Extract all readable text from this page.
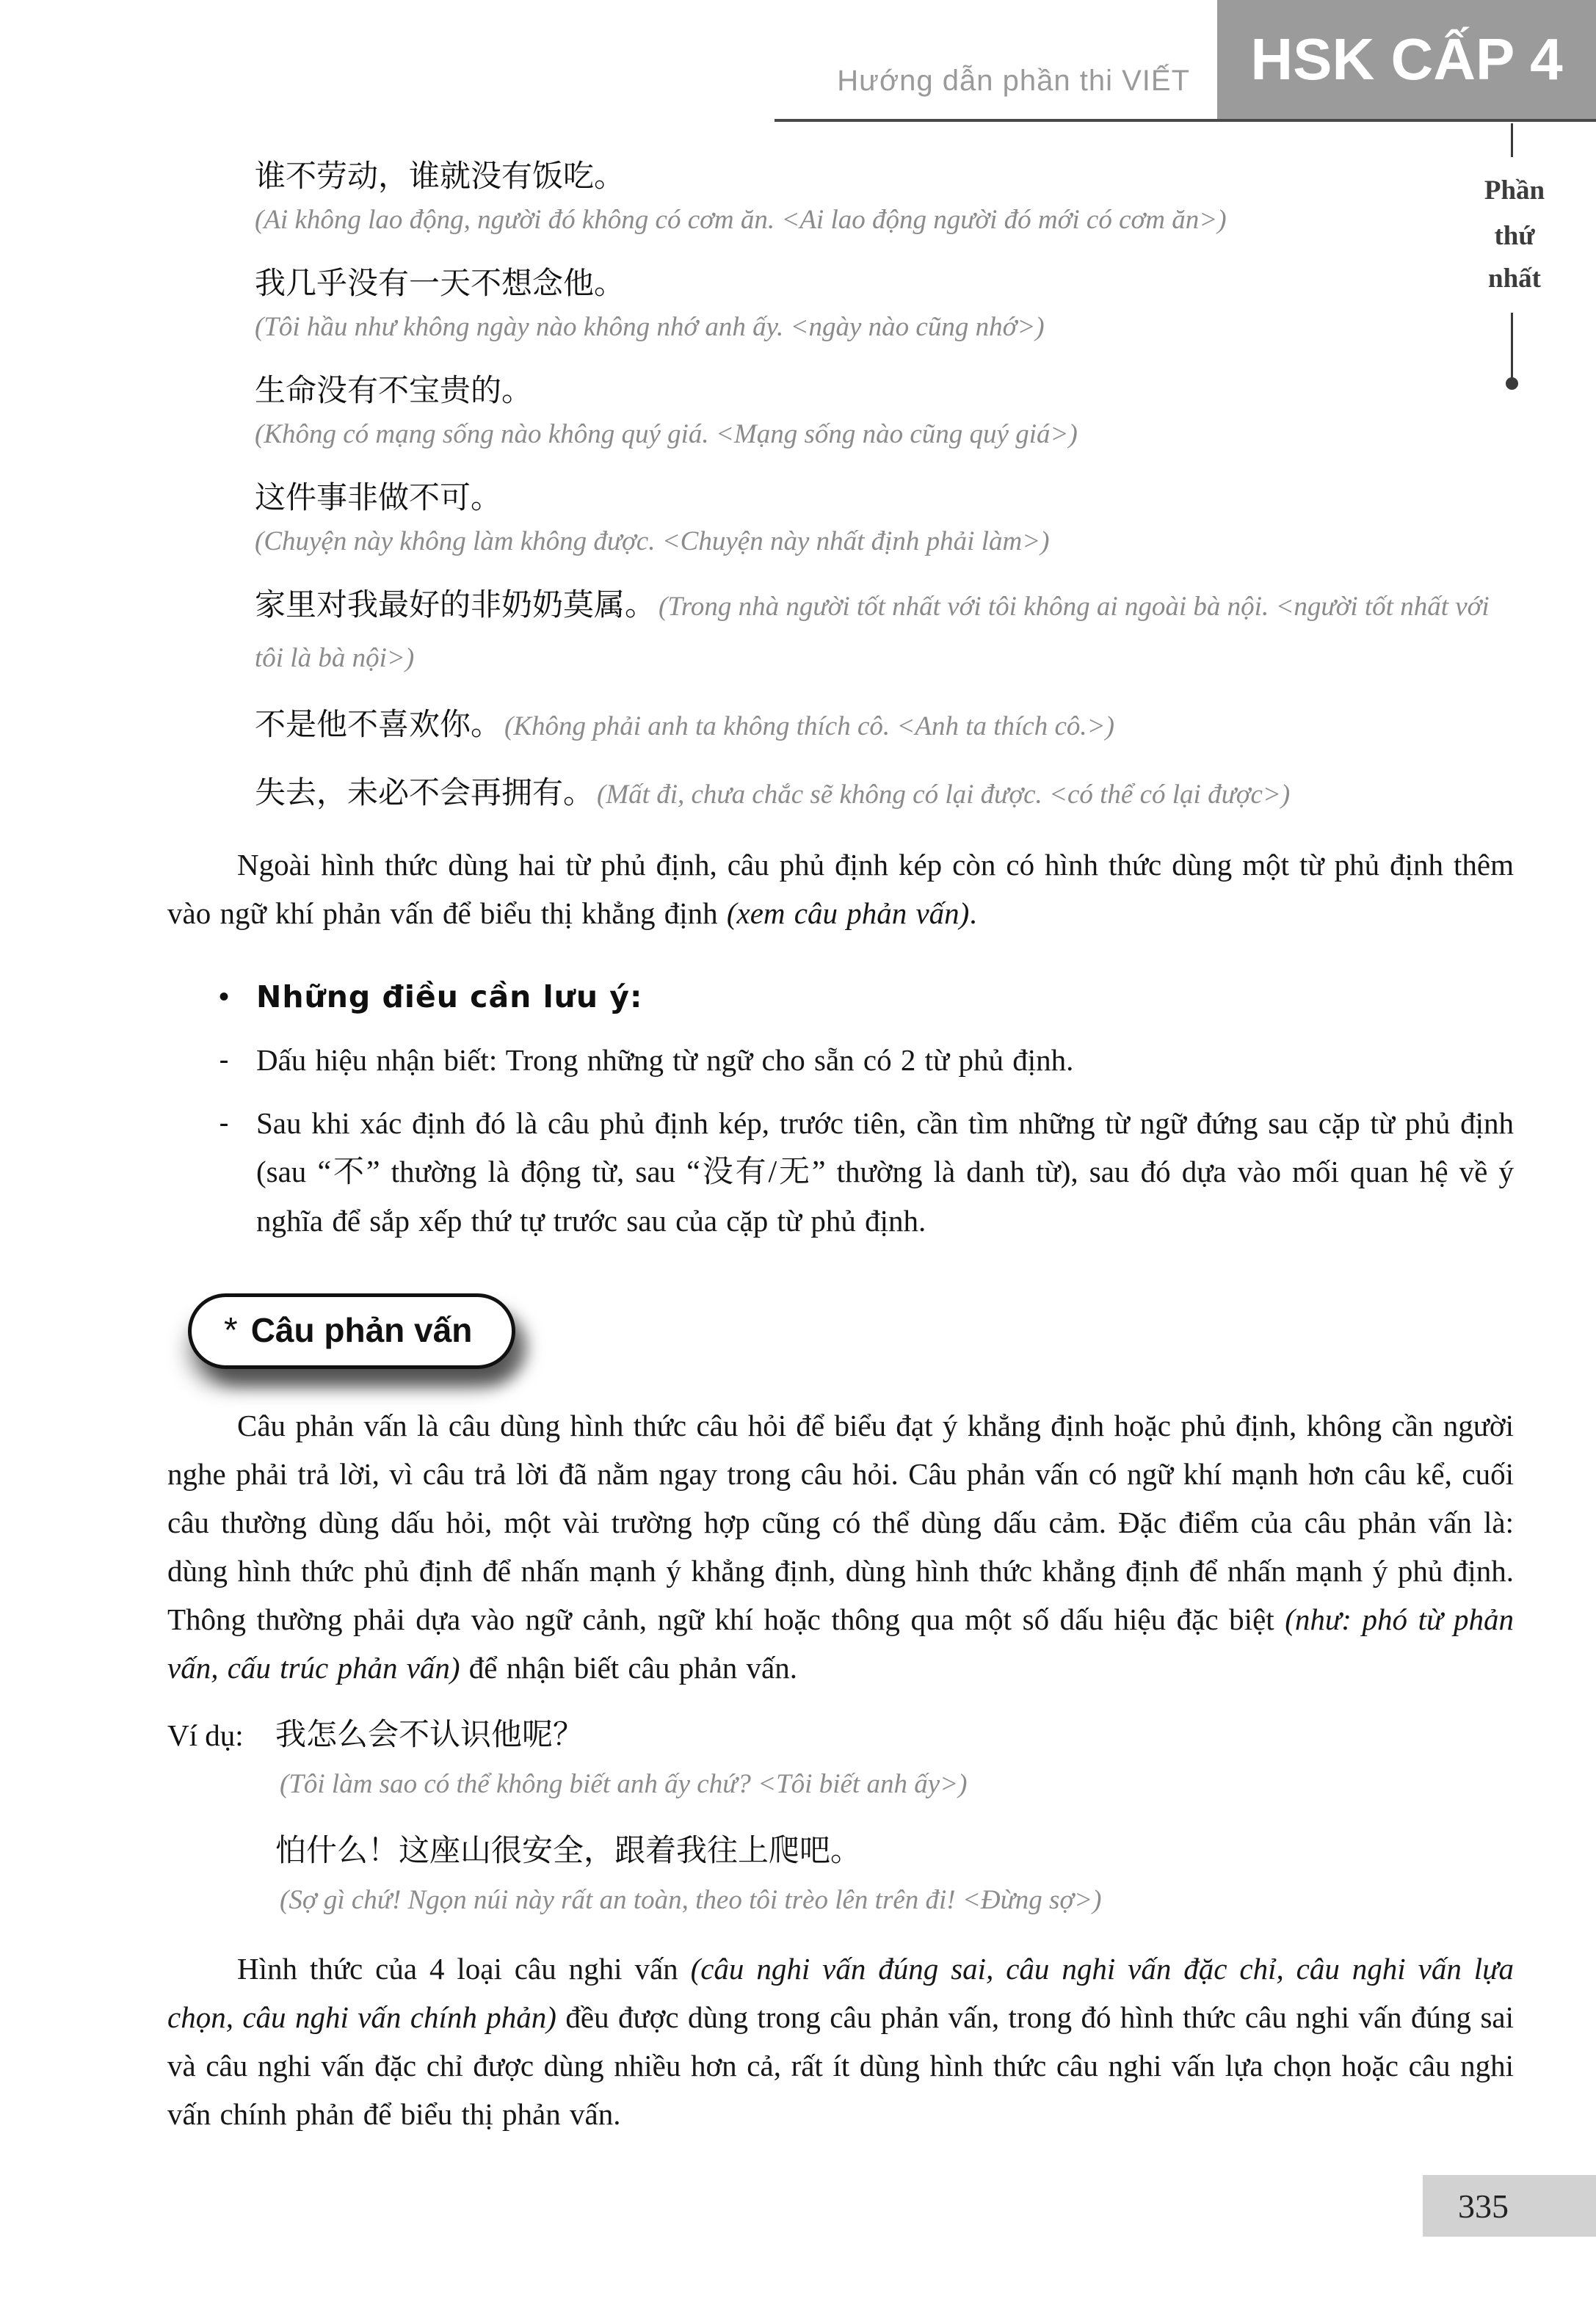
Hướng dẫn phần thi VIẾT	HSK CẤP 4
Phần
thứ
nhất
谁不劳动，谁就没有饭吃。
(Ai không lao động, người đó không có cơm ăn. <Ai lao động người đó mới có cơm ăn>)
我几乎没有一天不想念他。
(Tôi hầu như không ngày nào không nhớ anh ấy. <ngày nào cũng nhớ>)
生命没有不宝贵的。
(Không có mạng sống nào không quý giá. <Mạng sống nào cũng quý giá>)
这件事非做不可。
(Chuyện này không làm không được. <Chuyện này nhất định phải làm>)
家里对我最好的非奶奶莫属。 (Trong nhà người tốt nhất với tôi không ai ngoài bà nội. <người tốt nhất với tôi là bà nội>)
不是他不喜欢你。 (Không phải anh ta không thích cô. <Anh ta thích cô.>)
失去，未必不会再拥有。 (Mất đi, chưa chắc sẽ không có lại được. <có thể có lại được>)
Ngoài hình thức dùng hai từ phủ định, câu phủ định kép còn có hình thức dùng một từ phủ định thêm vào ngữ khí phản vấn để biểu thị khẳng định (xem câu phản vấn).
• Những điều cần lưu ý:
- Dấu hiệu nhận biết: Trong những từ ngữ cho sẵn có 2 từ phủ định.
- Sau khi xác định đó là câu phủ định kép, trước tiên, cần tìm những từ ngữ đứng sau cặp từ phủ định (sau “不” thường là động từ, sau “没有/无” thường là danh từ), sau đó dựa vào mối quan hệ về ý nghĩa để sắp xếp thứ tự trước sau của cặp từ phủ định.
* Câu phản vấn
Câu phản vấn là câu dùng hình thức câu hỏi để biểu đạt ý khẳng định hoặc phủ định, không cần người nghe phải trả lời, vì câu trả lời đã nằm ngay trong câu hỏi. Câu phản vấn có ngữ khí mạnh hơn câu kể, cuối câu thường dùng dấu hỏi, một vài trường hợp cũng có thể dùng dấu cảm. Đặc điểm của câu phản vấn là: dùng hình thức phủ định để nhấn mạnh ý khẳng định, dùng hình thức khẳng định để nhấn mạnh ý phủ định. Thông thường phải dựa vào ngữ cảnh, ngữ khí hoặc thông qua một số dấu hiệu đặc biệt (như: phó từ phản vấn, cấu trúc phản vấn) để nhận biết câu phản vấn.
Ví dụ:	我怎么会不认识他呢？
(Tôi làm sao có thể không biết anh ấy chứ? <Tôi biết anh ấy>)
怕什么！这座山很安全，跟着我往上爬吧。
(Sợ gì chứ! Ngọn núi này rất an toàn, theo tôi trèo lên trên đi! <Đừng sợ>)
Hình thức của 4 loại câu nghi vấn (câu nghi vấn đúng sai, câu nghi vấn đặc chỉ, câu nghi vấn lựa chọn, câu nghi vấn chính phản) đều được dùng trong câu phản vấn, trong đó hình thức câu nghi vấn đúng sai và câu nghi vấn đặc chỉ được dùng nhiều hơn cả, rất ít dùng hình thức câu nghi vấn lựa chọn hoặc câu nghi vấn chính phản để biểu thị phản vấn.
335
